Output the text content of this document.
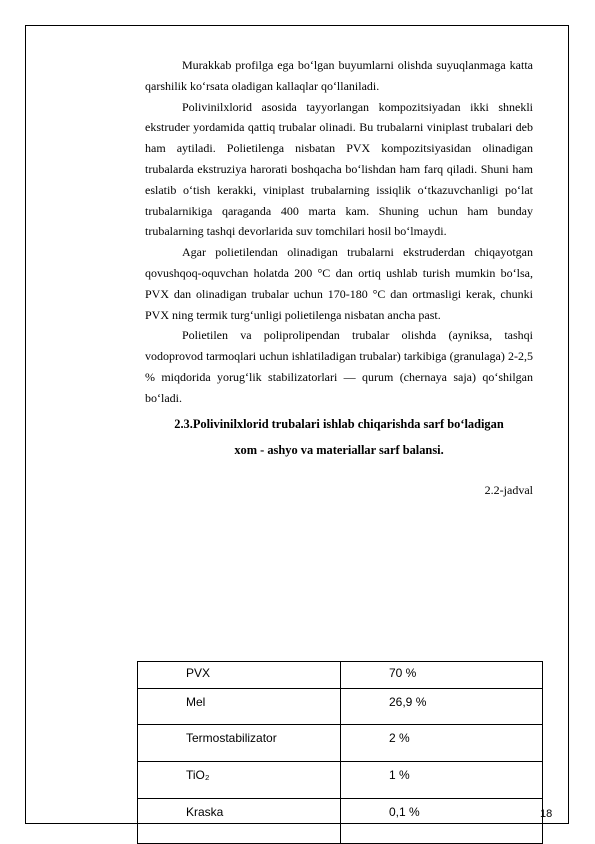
Murakkab profilga ega bo‘lgan buyumlarni olishda suyuqlanmaga katta qarshilik ko‘rsata oladigan kallaqlar qo‘llaniladi.

Polivinilxlorid asosida tayyorlangan kompozitsiyadan ikki shnekli ekstruder yordamida qattiq trubalar olinadi. Bu trubalarni viniplast trubalari deb ham aytiladi. Polietilenga nisbatan PVX kompozitsiyasidan olinadigan trubalarda ekstruziya harorati boshqacha bo‘lishdan ham farq qiladi. Shuni ham eslatib o‘tish kerakki, viniplast trubalarning issiqlik o‘tkazuvchanligi po‘lat trubalarnikiga qaraganda 400 marta kam. Shuning uchun ham bunday trubalarning tashqi devorlarida suv tomchilari hosil bo‘lmaydi.

Agar polietilendan olinadigan trubalarni ekstruderdan chiqayotgan qovushqoq-oquvchan holatda 200 °C dan ortiq ushlab turish mumkin bo‘lsa, PVX dan olinadigan trubalar uchun 170-180 °C dan ortmasligi kerak, chunki PVX ning termik turg‘unligi polietilenga nisbatan ancha past.

Polietilen va poliprolipendan trubalar olishda (ayniksa, tashqi vodoprovod tarmoqlari uchun ishlatiladigan trubalar) tarkibiga (granulaga) 2-2,5 % miqdorida yorug‘lik stabilizatorlari — qurum (chernaya saja) qo‘shilgan bo‘ladi.

2.3.Polivinilxlorid trubalari ishlab chiqarishda sarf bo‘ladigan
xom - ashyo va materiallar sarf balansi.

2.2-jadval

PVX	70 %
Mel	26,9 %
Termostabilizator	2 %
TiO₂	1 %
Kraska	0,1 %	18
